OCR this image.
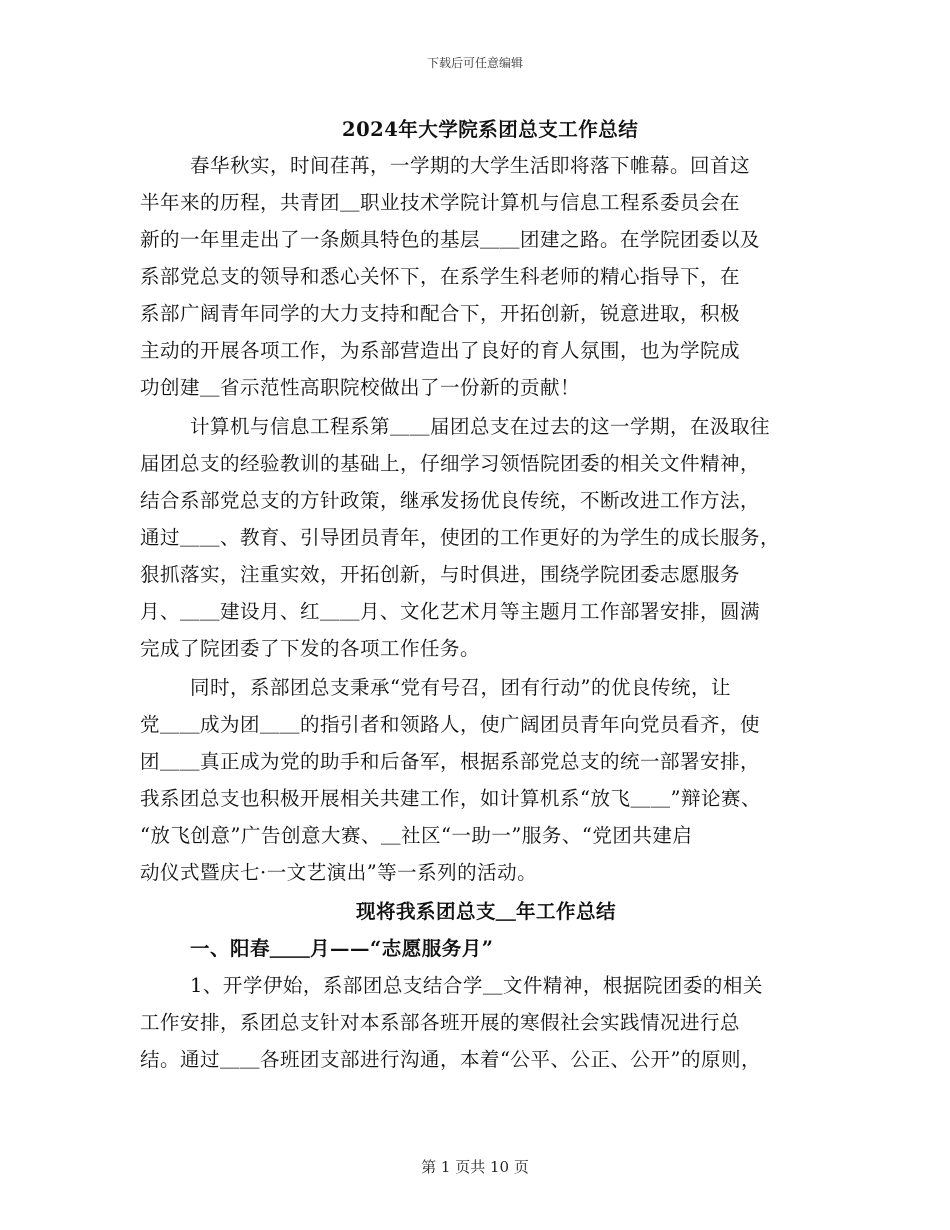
下载后可任意编辑
2024年大学院系团总支工作总结
春华秋实，时间荏苒，一学期的大学生活即将落下帷幕。回首这
半年来的历程，共青团＿职业技术学院计算机与信息工程系委员会在
新的一年里走出了一条颇具特色的基层＿＿团建之路。在学院团委以及
系部党总支的领导和悉心关怀下，在系学生科老师的精心指导下，在
系部广阔青年同学的大力支持和配合下，开拓创新，锐意进取，积极
主动的开展各项工作，为系部营造出了良好的育人氛围，也为学院成
功创建＿省示范性高职院校做出了一份新的贡献！
计算机与信息工程系第＿＿届团总支在过去的这一学期，在汲取往
届团总支的经验教训的基础上，仔细学习领悟院团委的相关文件精神，
结合系部党总支的方针政策，继承发扬优良传统，不断改进工作方法，
通过＿＿、教育、引导团员青年，使团的工作更好的为学生的成长服务，
狠抓落实，注重实效，开拓创新，与时俱进，围绕学院团委志愿服务
月、＿＿建设月、红＿＿月、文化艺术月等主题月工作部署安排，圆满
完成了院团委了下发的各项工作任务。
同时，系部团总支秉承“党有号召，团有行动”的优良传统，让
党＿＿成为团＿＿的指引者和领路人，使广阔团员青年向党员看齐，使
团＿＿真正成为党的助手和后备军，根据系部党总支的统一部署安排，
我系团总支也积极开展相关共建工作，如计算机系“放飞＿＿”辩论赛、
“放飞创意”广告创意大赛、＿社区“一助一”服务、“党团共建启
动仪式暨庆七·一文艺演出”等一系列的活动。
现将我系团总支＿年工作总结
一、阳春＿＿月——“志愿服务月”
1、开学伊始，系部团总支结合学＿文件精神，根据院团委的相关
工作安排，系团总支针对本系部各班开展的寒假社会实践情况进行总
结。通过＿＿各班团支部进行沟通，本着“公平、公正、公开”的原则，
第 1 页共 10 页
